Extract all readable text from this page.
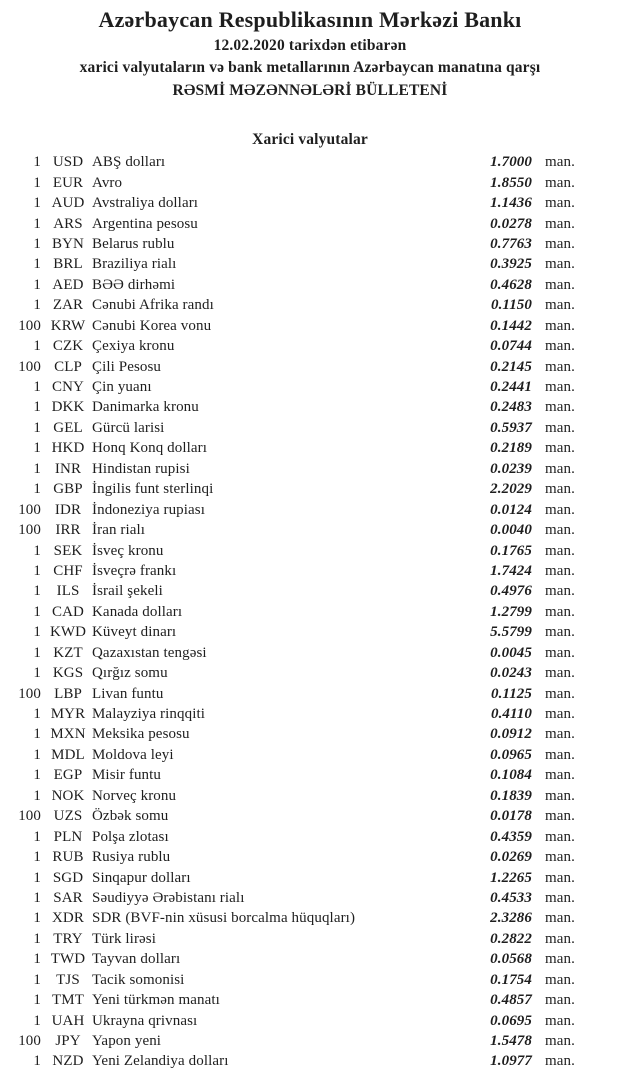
Azərbaycan Respublikasının Mərkəzi Bankı
12.02.2020 tarixdən etibarən
xarici valyutaların və bank metallarının Azərbaycan manatına qarşı
RƏSMİ MƏZƏNNƏLƏRİ BÜLLETENİ
Xarici valyutalar
1 USD ABŞ dolları	1.7000 man.
1 EUR Avro	1.8550 man.
1 AUD Avstraliya dolları	1.1436 man.
1 ARS Argentina pesosu	0.0278 man.
1 BYN Belarus rublu	0.7763 man.
1 BRL Braziliya rialı	0.3925 man.
1 AED BƏƏ dirhəmi	0.4628 man.
1 ZAR Cənubi Afrika randı	0.1150 man.
100 KRW Cənubi Korea vonu	0.1442 man.
1 CZK Çexiya kronu	0.0744 man.
100 CLP Çili Pesosu	0.2145 man.
1 CNY Çin yuanı	0.2441 man.
1 DKK Danimarka kronu	0.2483 man.
1 GEL Gürcü larisi	0.5937 man.
1 HKD Honq Konq dolları	0.2189 man.
1 INR Hindistan rupisi	0.0239 man.
1 GBP İngilis funt sterlinqi	2.2029 man.
100 IDR İndoneziya rupiası	0.0124 man.
100 IRR İran rialı	0.0040 man.
1 SEK İsveç kronu	0.1765 man.
1 CHF İsveçrə frankı	1.7424 man.
1	ILS İsrail şekeli	0.4976 man.
1 CAD Kanada dolları	1.2799 man.
1 KWD Küveyt dinarı	5.5799 man.
1 KZT Qazaxıstan tengəsi	0.0045 man.
1 KGS Qırğız somu	0.0243 man.
100 LBP Livan funtu	0.1125 man.
1 MYR Malayziya rinqqiti	0.4110 man.
1 MXN Meksika pesosu	0.0912 man.
1 MDL Moldova leyi	0.0965 man.
1 EGP Misir funtu	0.1084 man.
1 NOK Norveç kronu	0.1839 man.
100 UZS Özbək somu	0.0178 man.
1 PLN Polşa zlotası	0.4359 man.
1 RUB Rusiya rublu	0.0269 man.
1 SGD Sinqapur dolları	1.2265 man.
1 SAR Səudiyyə Ərəbistanı rialı	0.4533 man.
1 XDR SDR (BVF-nin xüsusi borcalma hüquqları)	2.3286 man.
1 TRY Türk lirəsi	0.2822 man.
1 TWD Tayvan dolları	0.0568 man.
1	TJS Tacik somonisi	0.1754 man.
1 TMT Yeni türkmən manatı	0.4857 man.
1 UAH Ukrayna qrivnası	0.0695 man.
100 JPY Yapon yeni	1.5478 man.
1 NZD Yeni Zelandiya dolları	1.0977 man.
